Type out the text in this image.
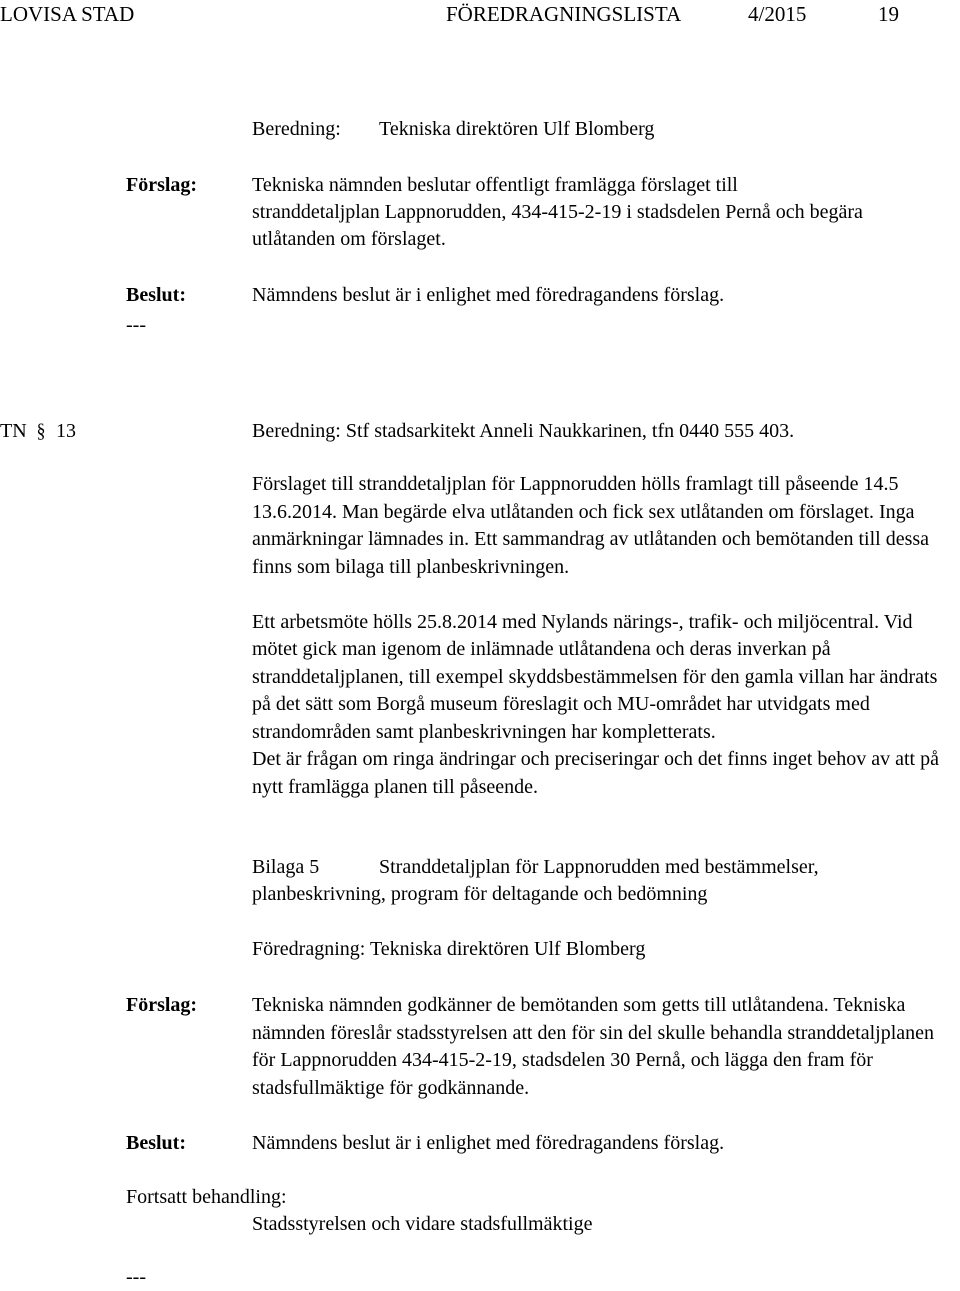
LOVISA STAD	FÖREDRAGNINGSLISTA	4/2015	19
Beredning: Tekniska direktören Ulf Blomberg
Förslag:	Tekniska nämnden beslutar offentligt framlägga förslaget till
stranddetaljplan Lappnorudden, 434-415-2-19 i stadsdelen Pernå och begära
utlåtanden om förslaget.
Beslut:	Nämndens beslut är i enlighet med föredragandens förslag.
---
TN § 13	Beredning: Stf stadsarkitekt Anneli Naukkarinen, tfn 0440 555 403.

Förslaget till stranddetaljplan för Lappnorudden hölls framlagt till påseende 14.5 13.6.2014. Man begärde elva utlåtanden och fick sex utlåtanden om förslaget. Inga anmärkningar lämnades in. Ett sammandrag av utlåtanden och bemötanden till dessa finns som bilaga till planbeskrivningen.

Ett arbetsmöte hölls 25.8.2014 med Nylands närings-, trafik- och miljöcentral. Vid mötet gick man igenom de inlämnade utlåtandena och deras inverkan på stranddetaljplanen, till exempel skyddsbestämmelsen för den gamla villan har ändrats på det sätt som Borgå museum föreslagit och MU-området har utvidgats med strandområden samt planbeskrivningen har kompletterats.

Det är frågan om ringa ändringar och preciseringar och det finns inget behov av att på nytt framlägga planen till påseende.

Bilaga 5	Stranddetaljplan för Lappnorudden med bestämmelser,
planbeskrivning, program för deltagande och bedömning
Föredragning: Tekniska direktören Ulf Blomberg
Förslag:	Tekniska nämnden godkänner de bemötanden som getts till utlåtandena. Tekniska nämnden föreslår stadsstyrelsen att den för sin del skulle behandla stranddetaljplanen för Lappnorudden 434-415-2-19, stadsdelen 30 Pernå, och lägga den fram för stadsfullmäktige för godkännande.
Beslut:	Nämndens beslut är i enlighet med föredragandens förslag.
Fortsatt behandling:
Stadsstyrelsen och vidare stadsfullmäktige
---
